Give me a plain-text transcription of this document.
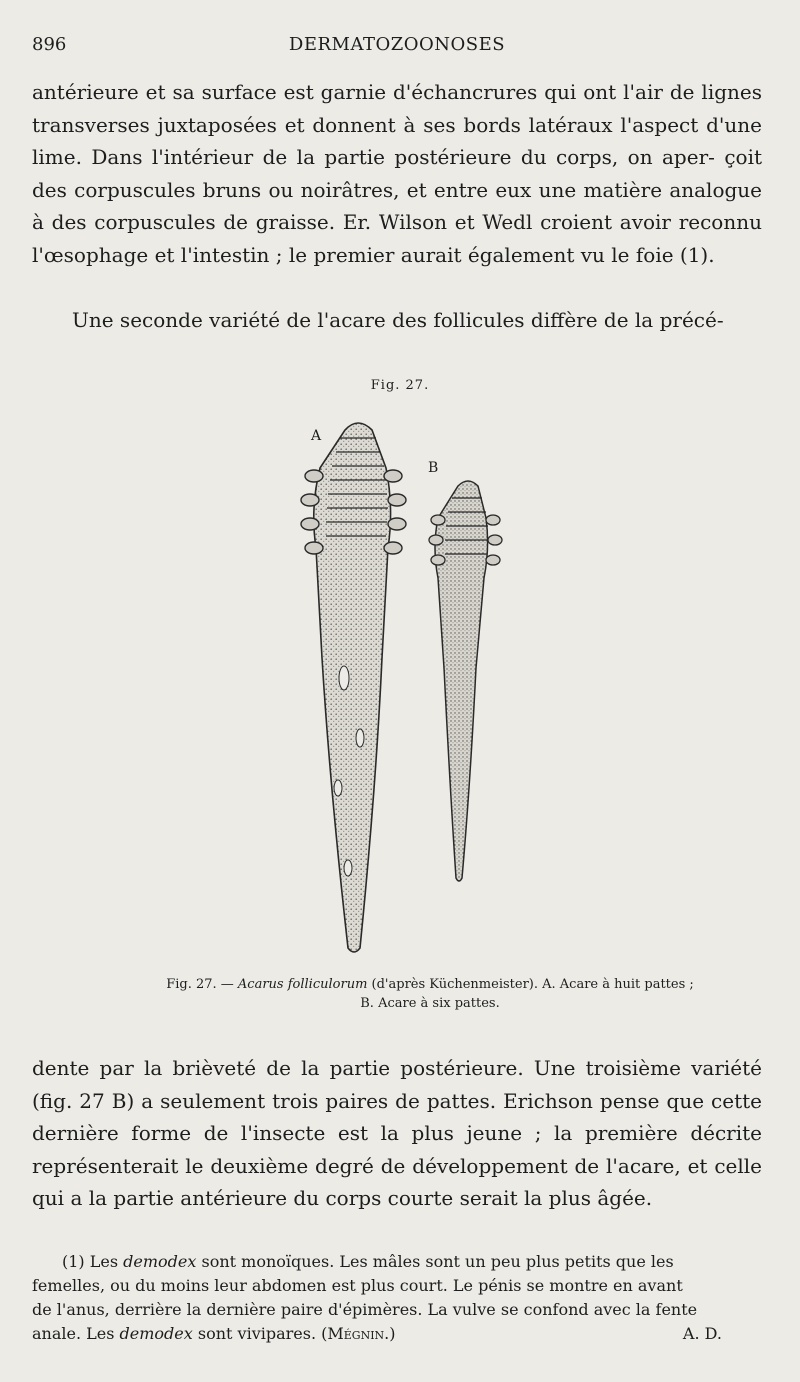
896	DERMATOZOONOSES
antérieure et sa surface est garnie d'échancrures qui ont l'air de lignes transverses juxtaposées et donnent à ses bords latéraux l'aspect d'une lime. Dans l'intérieur de la partie postérieure du corps, on aper- çoit des corpuscules bruns ou noirâtres, et entre eux une matière analogue à des corpuscules de graisse. Er. Wilson et Wedl croient avoir reconnu l'œsophage et l'intestin ; le premier aurait également vu le foie (1).
Une seconde variété de l'acare des follicules diffère de la précé-
Fig. 27.
A
B
Fig. 27. — Acarus folliculorum (d'après Küchenmeister). A. Acare à huit pattes ;
B. Acare à six pattes.
dente par la brièveté de la partie postérieure. Une troisième variété (fig. 27 B) a seulement trois paires de pattes. Erichson pense que cette dernière forme de l'insecte est la plus jeune ; la première décrite représenterait le deuxième degré de développement de l'acare, et celle qui a la partie antérieure du corps courte serait la plus âgée.
(1) Les demodex sont monoïques. Les mâles sont un peu plus petits que les
femelles, ou du moins leur abdomen est plus court. Le pénis se montre en avant
de l'anus, derrière la dernière paire d'épimères. La vulve se confond avec la fente
anale. Les demodex sont vivipares. (Mégnin.)	A. D.
